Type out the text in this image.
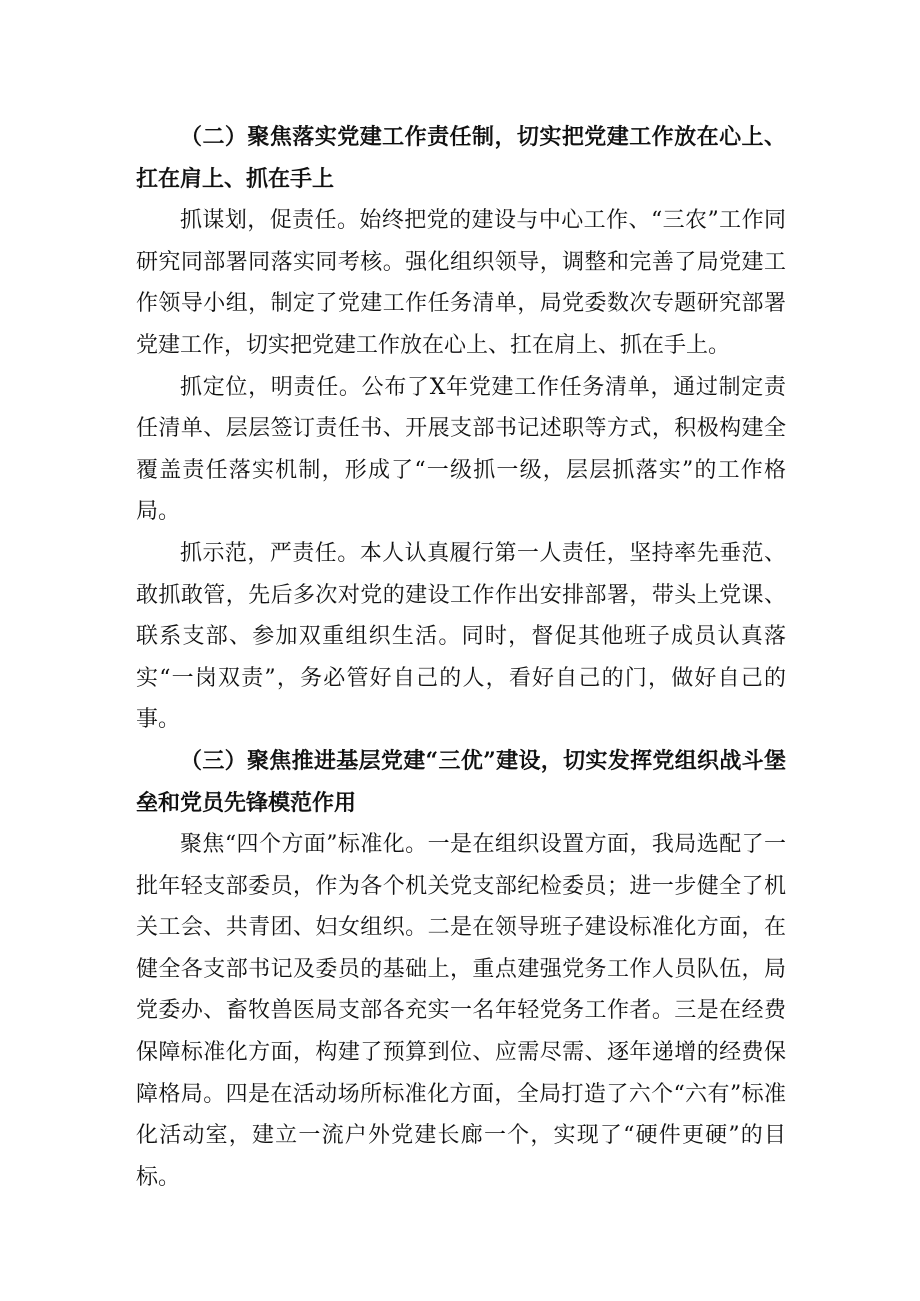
（二）聚焦落实党建工作责任制，切实把党建工作放在心上、扛在肩上、抓在手上

抓谋划，促责任。始终把党的建设与中心工作、“三农”工作同研究同部署同落实同考核。强化组织领导，调整和完善了局党建工作领导小组，制定了党建工作任务清单，局党委数次专题研究部署党建工作，切实把党建工作放在心上、扛在肩上、抓在手上。

抓定位，明责任。公布了X年党建工作任务清单，通过制定责任清单、层层签订责任书、开展支部书记述职等方式，积极构建全覆盖责任落实机制，形成了“一级抓一级，层层抓落实”的工作格局。

抓示范，严责任。本人认真履行第一人责任，坚持率先垂范、敢抓敢管，先后多次对党的建设工作作出安排部署，带头上党课、联系支部、参加双重组织生活。同时，督促其他班子成员认真落实“一岗双责”，务必管好自己的人，看好自己的门，做好自己的事。

（三）聚焦推进基层党建“三优”建设，切实发挥党组织战斗堡垒和党员先锋模范作用

聚焦“四个方面”标准化。一是在组织设置方面，我局选配了一批年轻支部委员，作为各个机关党支部纪检委员；进一步健全了机关工会、共青团、妇女组织。二是在领导班子建设标准化方面，在健全各支部书记及委员的基础上，重点建强党务工作人员队伍，局党委办、畜牧兽医局支部各充实一名年轻党务工作者。三是在经费保障标准化方面，构建了预算到位、应需尽需、逐年递增的经费保障格局。四是在活动场所标准化方面，全局打造了六个“六有”标准化活动室，建立一流户外党建长廊一个，实现了“硬件更硬”的目标。
